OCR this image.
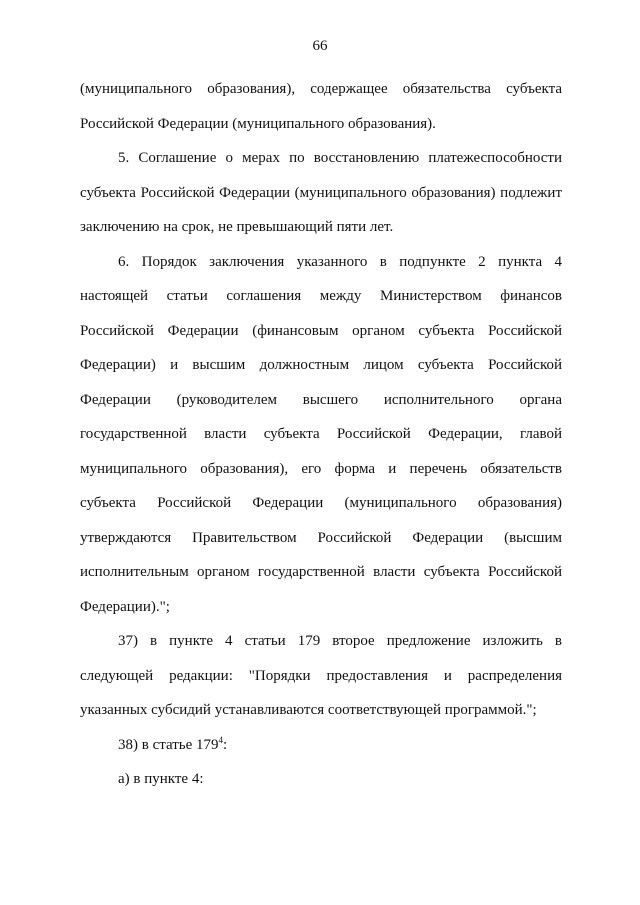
66

(муниципального образования), содержащее обязательства субъекта Российской Федерации (муниципального образования).

5. Соглашение о мерах по восстановлению платежеспособности субъекта Российской Федерации (муниципального образования) подлежит заключению на срок, не превышающий пяти лет.

6. Порядок заключения указанного в подпункте 2 пункта 4 настоящей статьи соглашения между Министерством финансов Российской Федерации (финансовым органом субъекта Российской Федерации) и высшим должностным лицом субъекта Российской Федерации (руководителем высшего исполнительного органа государственной власти субъекта Российской Федерации, главой муниципального образования), его форма и перечень обязательств субъекта Российской Федерации (муниципального образования) утверждаются Правительством Российской Федерации (высшим исполнительным органом государственной власти субъекта Российской Федерации).";

37) в пункте 4 статьи 179 второе предложение изложить в следующей редакции: "Порядки предоставления и распределения указанных субсидий устанавливаются соответствующей программой.";

38) в статье $179^4$:

а) в пункте 4:
